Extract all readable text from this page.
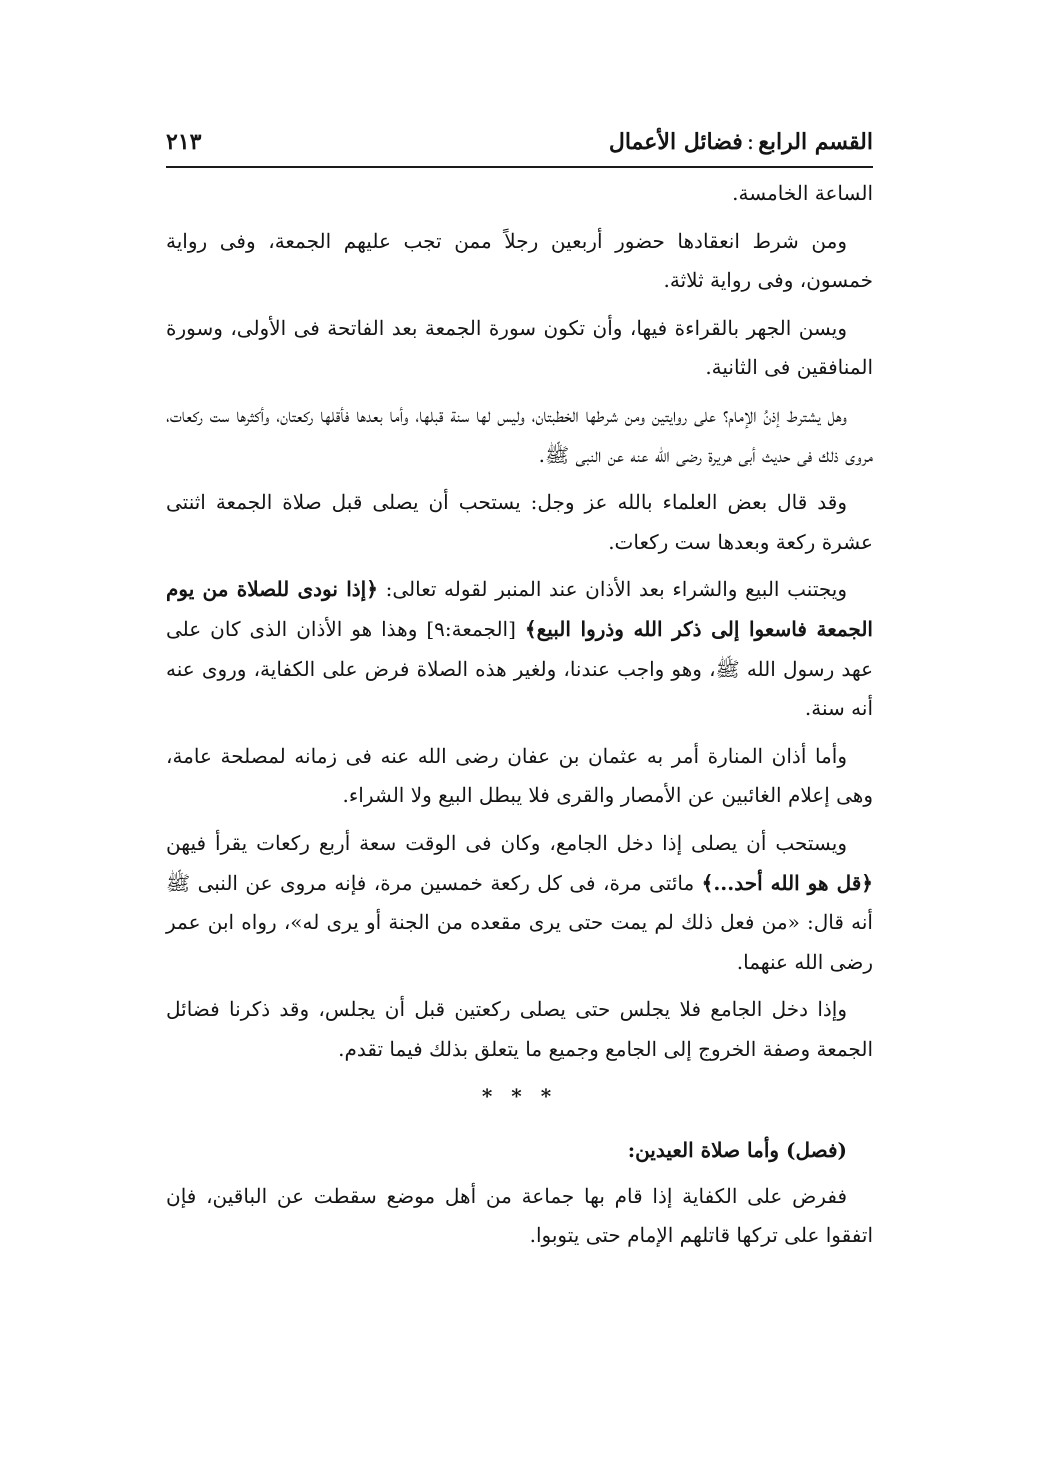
القسم الرابع:فضائل الأعمال
٢١٣

الساعة الخامسة.

ومن شرط انعقادها حضور أربعين رجلاً ممن تجب عليهم الجمعة، وفى رواية خمسون، وفى رواية ثلاثة.

ويسن الجهر بالقراءة فيها، وأن تكون سورة الجمعة بعد الفاتحة فى الأولى، وسورة المنافقين فى الثانية.

وهل يشترط إذنُ الإمام؟ على روايتين ومن شرطها الخطبتان، وليس لها سنة قبلها، وأما بعدها فأقلها ركعتان، وأكثرها ست ركعات، مروى ذلك فى حديث أبى هريرة رضى الله عنه عن النبى ﷺ.

وقد قال بعض العلماء بالله عز وجل: يستحب أن يصلى قبل صلاة الجمعة اثنتى عشرة ركعة وبعدها ست ركعات.

ويجتنب البيع والشراء بعد الأذان عند المنبر لقوله تعالى: ﴿إذا نودى للصلاة من يوم الجمعة فاسعوا إلى ذكر الله وذروا البيع﴾ [الجمعة:٩] وهذا هو الأذان الذى كان على عهد رسول الله ﷺ، وهو واجب عندنا، ولغير هذه الصلاة فرض على الكفاية، وروى عنه أنه سنة.

وأما أذان المنارة أمر به عثمان بن عفان رضى الله عنه فى زمانه لمصلحة عامة، وهى إعلام الغائبين عن الأمصار والقرى فلا يبطل البيع ولا الشراء.

ويستحب أن يصلى إذا دخل الجامع، وكان فى الوقت سعة أربع ركعات يقرأ فيهن ﴿قل هو الله أحد...﴾ مائتى مرة، فى كل ركعة خمسين مرة، فإنه مروى عن النبى ﷺ أنه قال: «من فعل ذلك لم يمت حتى يرى مقعده من الجنة أو يرى له»، رواه ابن عمر رضى الله عنهما.

وإذا دخل الجامع فلا يجلس حتى يصلى ركعتين قبل أن يجلس، وقد ذكرنا فضائل الجمعة وصفة الخروج إلى الجامع وجميع ما يتعلق بذلك فيما تقدم.

* * *

(فصل) وأما صلاة العيدين:

ففرض على الكفاية إذا قام بها جماعة من أهل موضع سقطت عن الباقين، فإن اتفقوا على تركها قاتلهم الإمام حتى يتوبوا.
